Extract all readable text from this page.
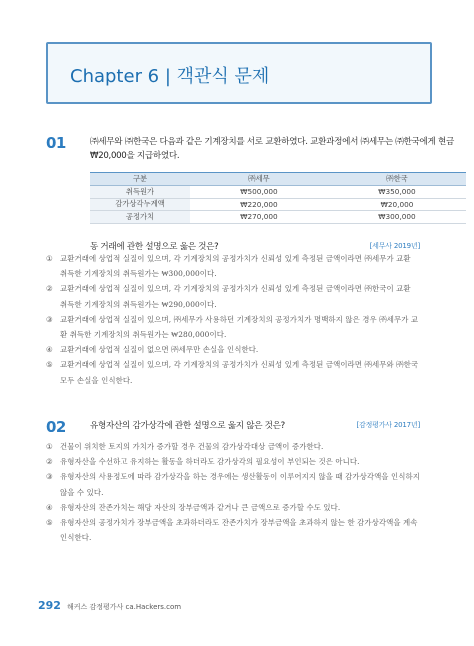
Chapter 6 | 객관식 문제
01	㈜세무와 ㈜한국은 다음과 같은 기계장치를 서로 교환하였다. 교환과정에서 ㈜세무는 ㈜한국에게 현금 ₩20,000을 지급하였다.
구분	㈜세무	㈜한국
취득원가	₩500,000	₩350,000
감가상각누계액	₩220,000	₩20,000
공정가치	₩270,000	₩300,000
동 거래에 관한 설명으로 옳은 것은?	[세무사 2019년]
① 교환거래에 상업적 실질이 있으며, 각 기계장치의 공정가치가 신뢰성 있게 측정된 금액이라면 ㈜세무가 교환 취득한 기계장치의 취득원가는 ₩300,000이다.
② 교환거래에 상업적 실질이 있으며, 각 기계장치의 공정가치가 신뢰성 있게 측정된 금액이라면 ㈜한국이 교환 취득한 기계장치의 취득원가는 ₩290,000이다.
③ 교환거래에 상업적 실질이 있으며, ㈜세무가 사용하던 기계장치의 공정가치가 명백하지 않은 경우 ㈜세무가 교환 취득한 기계장치의 취득원가는 ₩280,000이다.
④ 교환거래에 상업적 실질이 없으면 ㈜세무만 손실을 인식한다.
⑤ 교환거래에 상업적 실질이 있으며, 각 기계장치의 공정가치가 신뢰성 있게 측정된 금액이라면 ㈜세무와 ㈜한국 모두 손실을 인식한다.
02	유형자산의 감가상각에 관한 설명으로 옳지 않은 것은?	[감정평가사 2017년]
① 건물이 위치한 토지의 가치가 증가할 경우 건물의 감가상각대상 금액이 증가한다.
② 유형자산을 수선하고 유지하는 활동을 하더라도 감가상각의 필요성이 부인되는 것은 아니다.
③ 유형자산의 사용정도에 따라 감가상각을 하는 경우에는 생산활동이 이루어지지 않을 때 감가상각액을 인식하지 않을 수 있다.
④ 유형자산의 잔존가치는 해당 자산의 장부금액과 같거나 큰 금액으로 증가할 수도 있다.
⑤ 유형자산의 공정가치가 장부금액을 초과하더라도 잔존가치가 장부금액을 초과하지 않는 한 감가상각액을 계속 인식한다.
292 해커스 감정평가사 ca.Hackers.com
